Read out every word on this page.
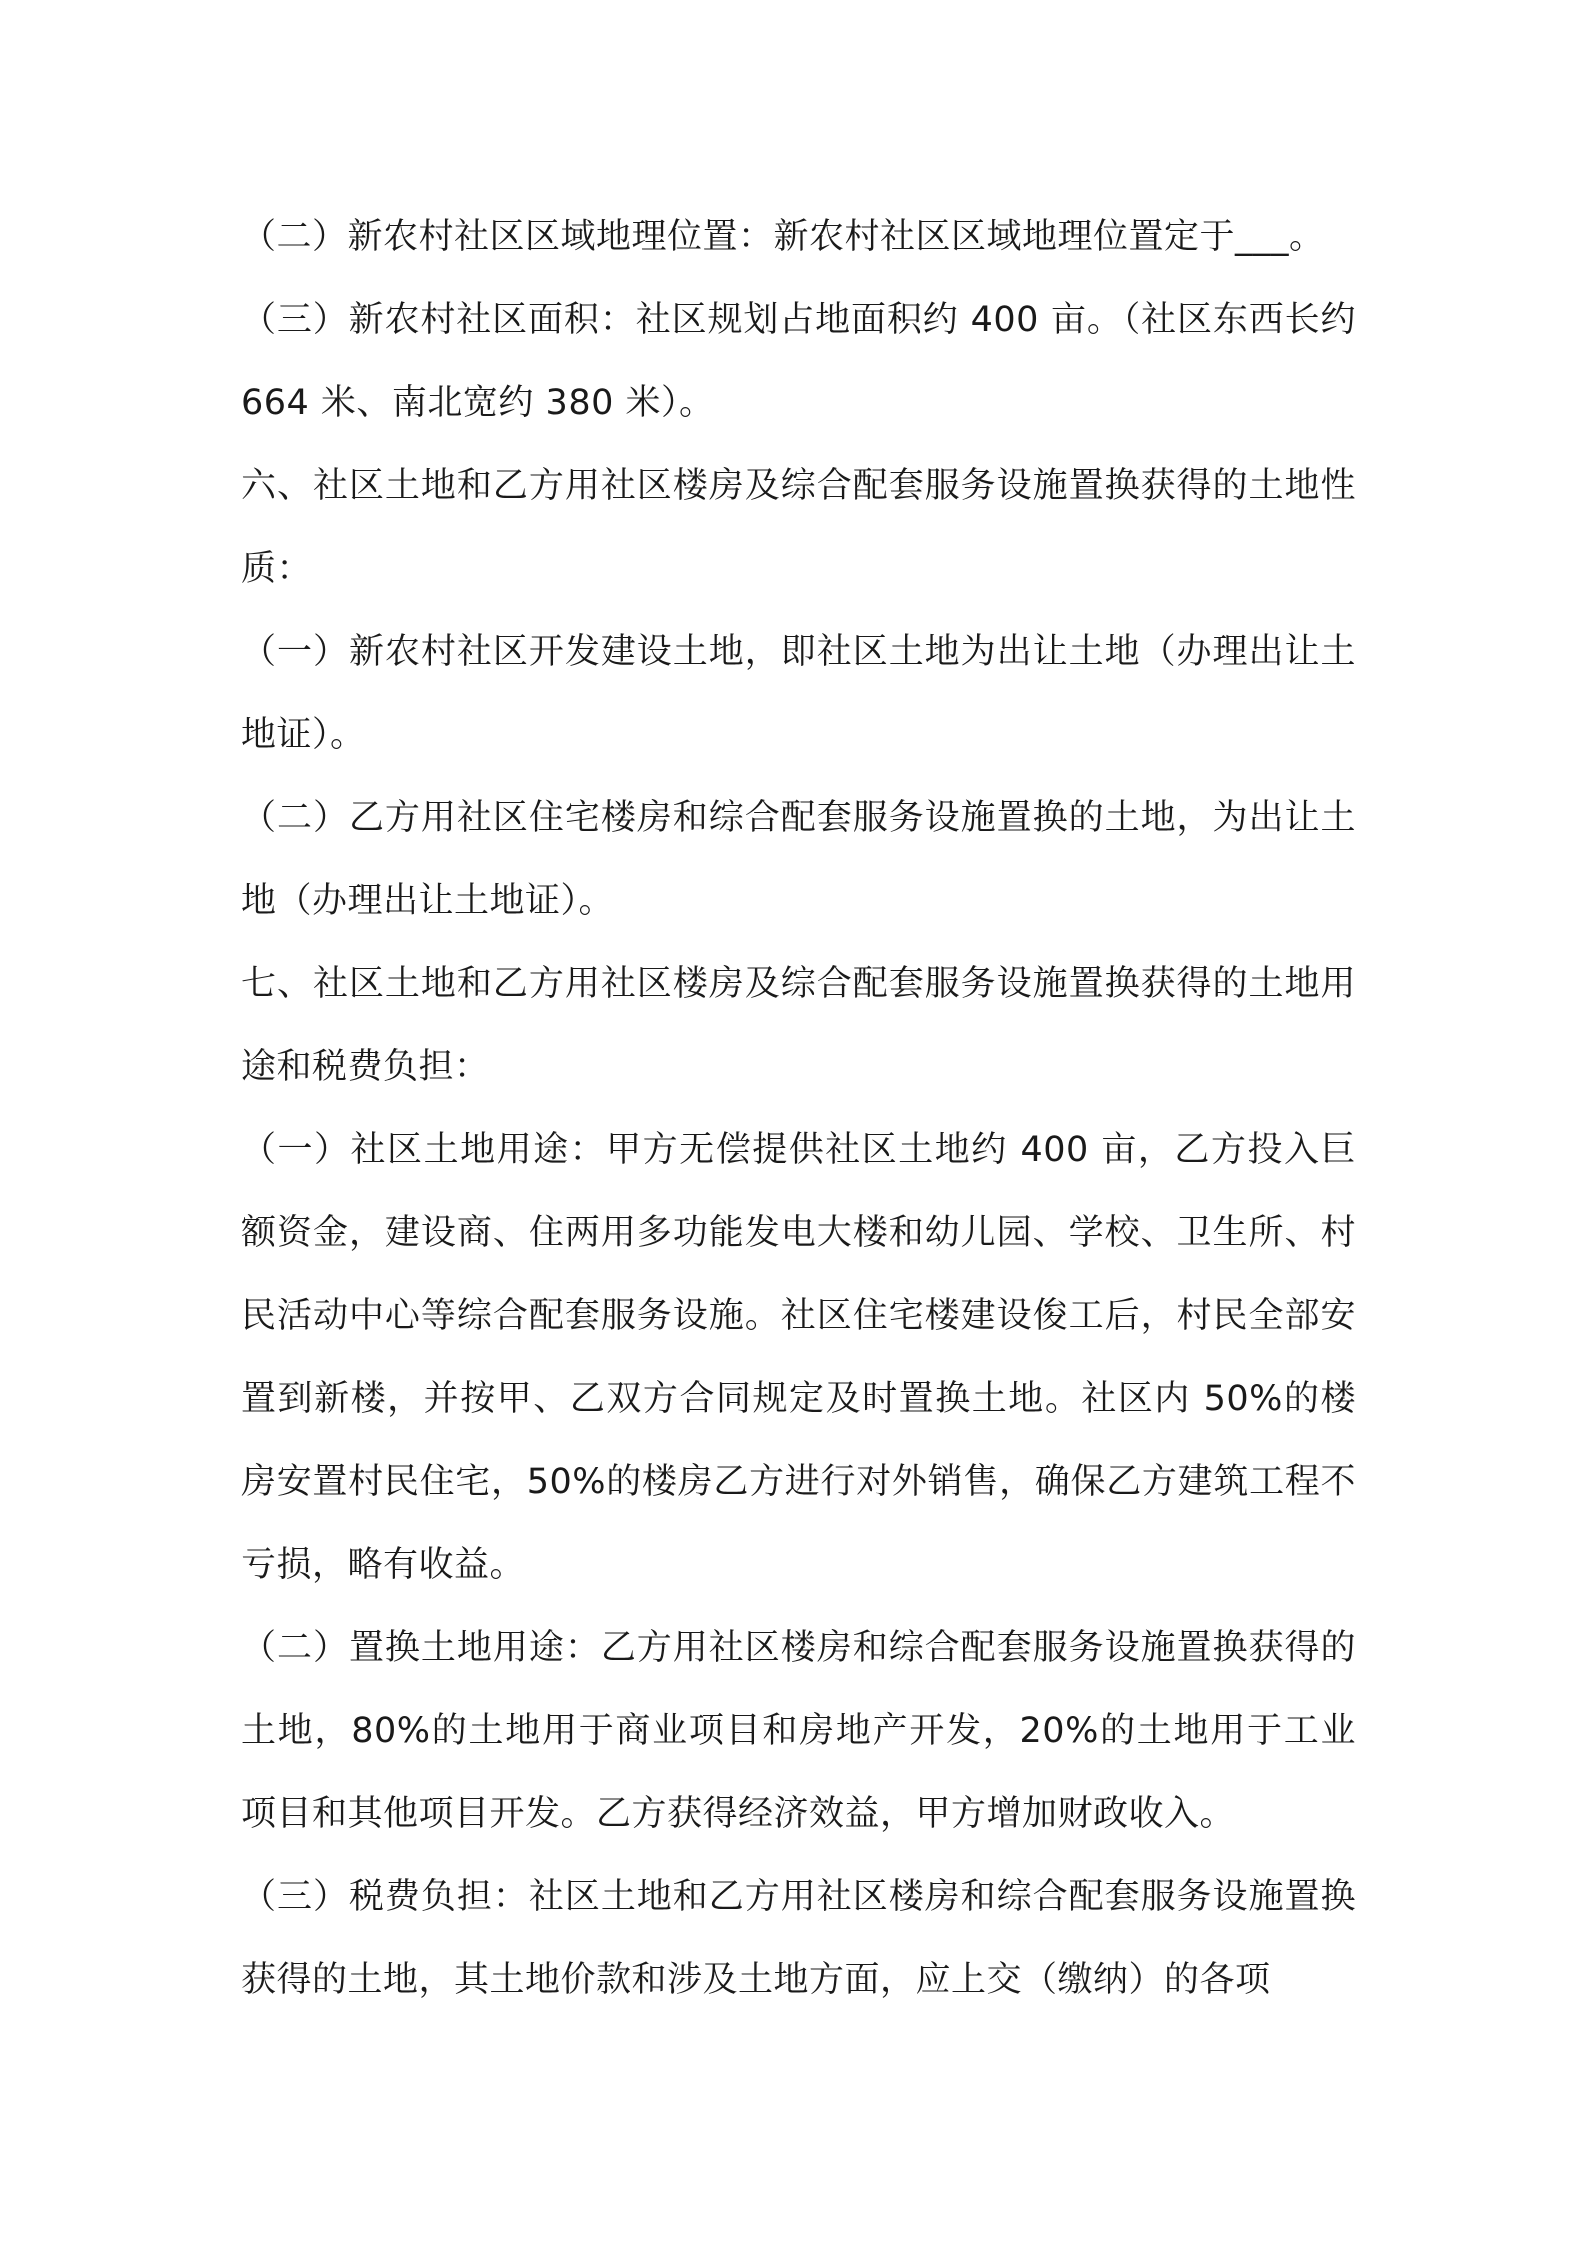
（二）新农村社区区域地理位置：新农村社区区域地理位置定于___。

（三）新农村社区面积：社区规划占地面积约 400 亩。（社区东西长约 664 米、南北宽约 380 米）。

六、社区土地和乙方用社区楼房及综合配套服务设施置换获得的土地性质：

（一）新农村社区开发建设土地，即社区土地为出让土地（办理出让土地证）。

（二）乙方用社区住宅楼房和综合配套服务设施置换的土地，为出让土地（办理出让土地证）。

七、社区土地和乙方用社区楼房及综合配套服务设施置换获得的土地用途和税费负担：

（一）社区土地用途：甲方无偿提供社区土地约 400 亩，乙方投入巨额资金，建设商、住两用多功能发电大楼和幼儿园、学校、卫生所、村民活动中心等综合配套服务设施。社区住宅楼建设俊工后，村民全部安置到新楼，并按甲、乙双方合同规定及时置换土地。社区内 50%的楼房安置村民住宅，50%的楼房乙方进行对外销售，确保乙方建筑工程不亏损，略有收益。

（二）置换土地用途：乙方用社区楼房和综合配套服务设施置换获得的土地，80%的土地用于商业项目和房地产开发，20%的土地用于工业项目和其他项目开发。乙方获得经济效益，甲方增加财政收入。

（三）税费负担：社区土地和乙方用社区楼房和综合配套服务设施置换获得的土地，其土地价款和涉及土地方面，应上交（缴纳）的各项
